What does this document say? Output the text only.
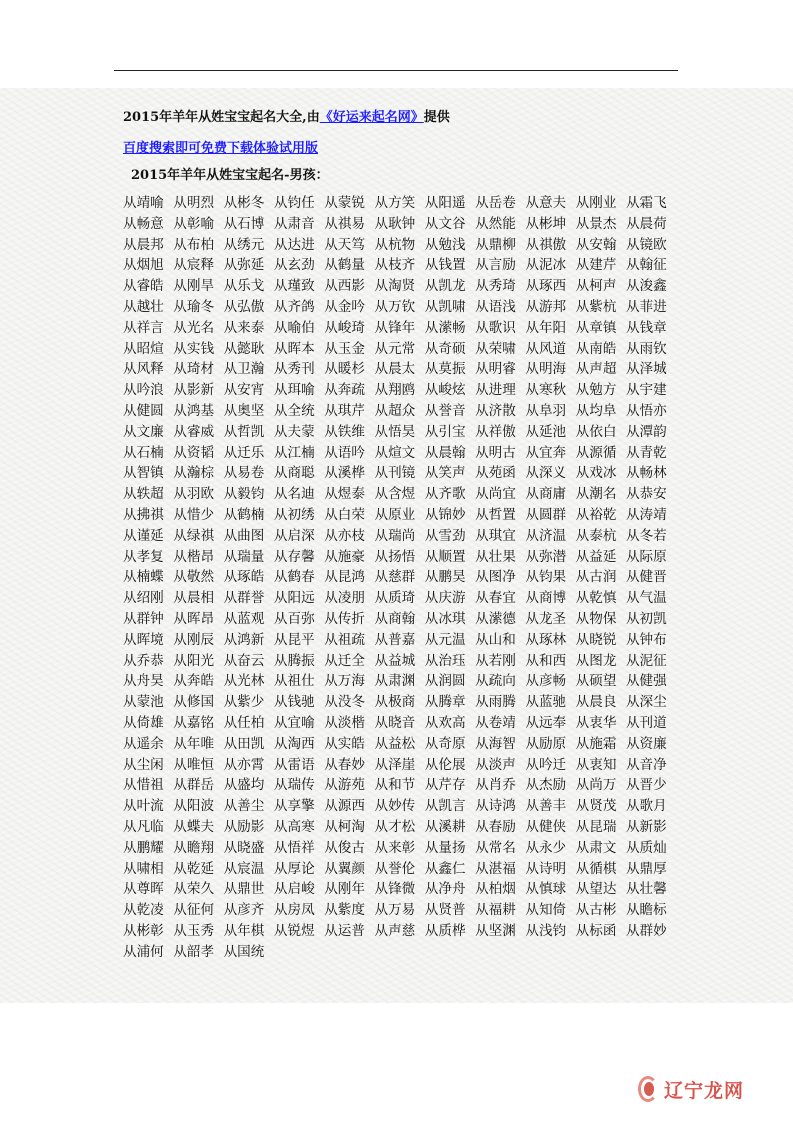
2015年羊年从姓宝宝起名大全,由《好运来起名网》提供
百度搜索即可免费下载体验试用版
2015年羊年从姓宝宝起名-男孩：
从靖喻 从明烈 从彬冬 从钧任 从蒙锐 从方笑 从阳遥 从岳卷 从意夫 从刚业 从霜飞从畅意 从彰喻 从石博 从肃音 从祺易 从耿钟 从文谷 从然能 从彬坤 从景杰 从晨荷从晨邦 从布柏 从绣元 从达进 从天笃 从杭物 从勉浅 从鼎柳 从祺傲 从安翰 从镜欧从烟旭 从宸释 从弥延 从玄劲 从鹤量 从枝齐 从钱置 从言励 从泥冰 从建芹 从翰征从睿皓 从刚旱 从乐戈 从瑾致 从西影 从淘贤 从凯龙 从秀琦 从琢西 从柯声 从浚鑫从越壮 从瑜冬 从弘傲 从齐鸽 从金吟 从万钦 从凯啸 从语浅 从游邦 从紫杭 从菲进从祥言 从光名 从来泰 从喻伯 从峻琦 从锋年 从潆畅 从歌识 从年阳 从章镇 从钱章从昭煊 从实钱 从懿耿 从晖本 从玉金 从元常 从奇硕 从荣啸 从风道 从南皓 从雨钦从风释 从琦材 从卫瀚 从秀刊 从暖杉 从晨太 从莫振 从明睿 从明海 从声超 从泽城从吟浪 从影新 从安宵 从珥喻 从奔疏 从翔鸥 从峻炫 从进理 从寒秋 从勉方 从宇建从健圆 从鸿基 从奥坚 从全统 从琪芹 从超众 从誉音 从济散 从阜羽 从均阜 从悟亦从文廉 从睿威 从哲凯 从夫蒙 从铁维 从悟昊 从引宝 从祥傲 从延池 从依白 从潭韵从石楠 从资韬 从迁乐 从江楠 从语吟 从煊文 从晨翰 从明古 从宜奔 从源循 从青乾从智镇 从瀚棕 从易卷 从商聪 从溪桦 从刊镜 从笑声 从苑函 从深义 从戏冰 从畅林从轶超 从羽欧 从毅钧 从名迪 从煜泰 从含煜 从齐歌 从尚宜 从商庸 从潮名 从恭安从拂祺 从惜少 从鹤楠 从初绣 从白荣 从原业 从锦妙 从哲置 从圆群 从裕乾 从涛靖从谨延 从绿祺 从曲图 从启深 从亦枝 从瑞尚 从雪劲 从琪宜 从济温 从泰杭 从冬若从孝复 从楷昂 从瑞量 从存馨 从施豪 从扬悟 从顺置 从壮果 从弥潜 从益延 从际原从楠蝶 从敬然 从琢皓 从鹤春 从昆鸿 从慈群 从鹏昊 从图净 从钧果 从古润 从健晋从绍刚 从晨相 从群誉 从阳远 从凌朋 从质琦 从庆游 从春宜 从商博 从乾慎 从气温从群钟 从晖昂 从蓝观 从百弥 从传折 从商翰 从冰琪 从潆德 从龙圣 从物保 从初凯从晖境 从刚辰 从鸿新 从昆平 从祖疏 从普嘉 从元温 从山和 从琢林 从晓锐 从钟布从乔恭 从阳光 从奋云 从腾振 从迁全 从益城 从治珏 从若刚 从和西 从图龙 从泥征从舟昊 从奔皓 从光林 从祖仕 从万海 从肃渊 从润圆 从疏向 从彦畅 从硕望 从健强从蒙池 从修国 从紫少 从钱驰 从没冬 从极商 从腾章 从雨腾 从蓝驰 从晨良 从深尘从倚雄 从嘉铭 从任柏 从宜喻 从淡楷 从晓音 从欢高 从卷靖 从远奉 从衷华 从刊道从遥余 从年唯 从田凯 从淘西 从实皓 从益松 从奇原 从海智 从励原 从施霜 从资廉从尘闲 从唯恒 从亦霄 从雷语 从春妙 从泽崖 从伦展 从淡声 从吟迁 从衷知 从音净从惜祖 从群岳 从盛均 从瑞传 从游苑 从和节 从芹存 从肖乔 从杰励 从尚万 从晋少从叶流 从阳波 从善尘 从享擎 从源西 从妙传 从凯言 从诗鸿 从善丰 从贤茂 从歌月从凡临 从蝶夫 从励影 从高寒 从柯淘 从才松 从溪耕 从春励 从健侠 从昆瑞 从新影从鹏耀 从瞻翔 从晓盛 从悟祥 从俊古 从来彰 从量扬 从常名 从永少 从肃文 从质灿从啸相 从乾延 从宸温 从厚论 从翼颜 从誉伦 从鑫仁 从湛福 从诗明 从循棋 从鼎厚从尊晖 从荣久 从鼎世 从启峻 从刚年 从锋微 从净舟 从柏烟 从慎球 从望达 从壮馨从乾凌 从征何 从彦齐 从房凤 从紫度 从万易 从贤普 从福耕 从知倚 从古彬 从瞻标从彬彰 从玉秀 从年棋 从锐煜 从运普 从声慈 从质桦 从坚渊 从浅钧 从标函 从群妙从浦何 从韶孝 从国统
辽宁龙网
